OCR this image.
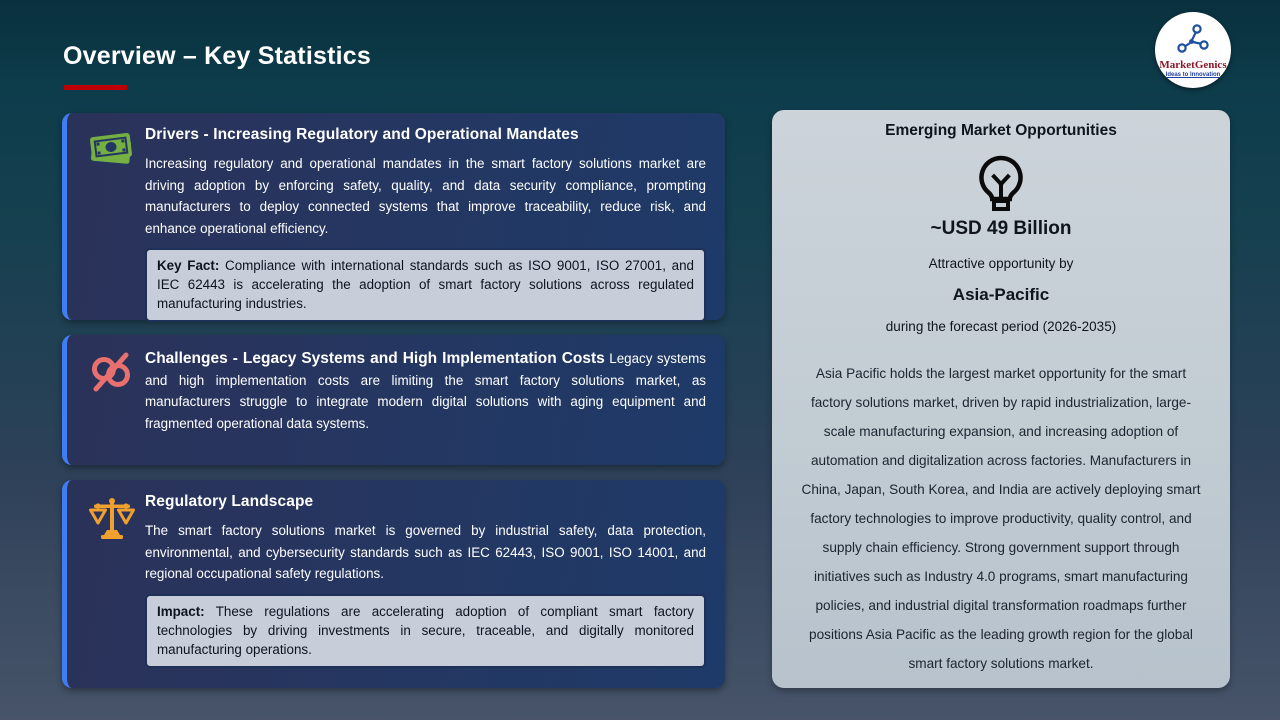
Overview – Key Statistics	MarketGenics
Ideas to Innovation
Drivers - Increasing Regulatory and Operational Mandates

Increasing regulatory and operational mandates in the smart factory solutions market are driving adoption by enforcing safety, quality, and data security compliance, prompting manufacturers to deploy connected systems that improve traceability, reduce risk, and enhance operational efficiency.

Key Fact: Compliance with international standards such as ISO 9001, ISO 27001, and IEC 62443 is accelerating the adoption of smart factory solutions across regulated manufacturing industries.

Challenges - Legacy Systems and High Implementation Costs Legacy systems and high implementation costs are limiting the smart factory solutions market, as manufacturers struggle to integrate modern digital solutions with aging equipment and fragmented operational data systems.

Regulatory Landscape

The smart factory solutions market is governed by industrial safety, data protection, environmental, and cybersecurity standards such as IEC 62443, ISO 9001, ISO 14001, and regional occupational safety regulations.

Impact: These regulations are accelerating adoption of compliant smart factory technologies by driving investments in secure, traceable, and digitally monitored manufacturing operations.
Emerging Market Opportunities
~USD 49 Billion
Attractive opportunity by
Asia-Pacific
during the forecast period (2026-2035)

Asia Pacific holds the largest market opportunity for the smart factory solutions market, driven by rapid industrialization, large-scale manufacturing expansion, and increasing adoption of automation and digitalization across factories. Manufacturers in China, Japan, South Korea, and India are actively deploying smart factory technologies to improve productivity, quality control, and supply chain efficiency. Strong government support through initiatives such as Industry 4.0 programs, smart manufacturing policies, and industrial digital transformation roadmaps further positions Asia Pacific as the leading growth region for the global smart factory solutions market.
